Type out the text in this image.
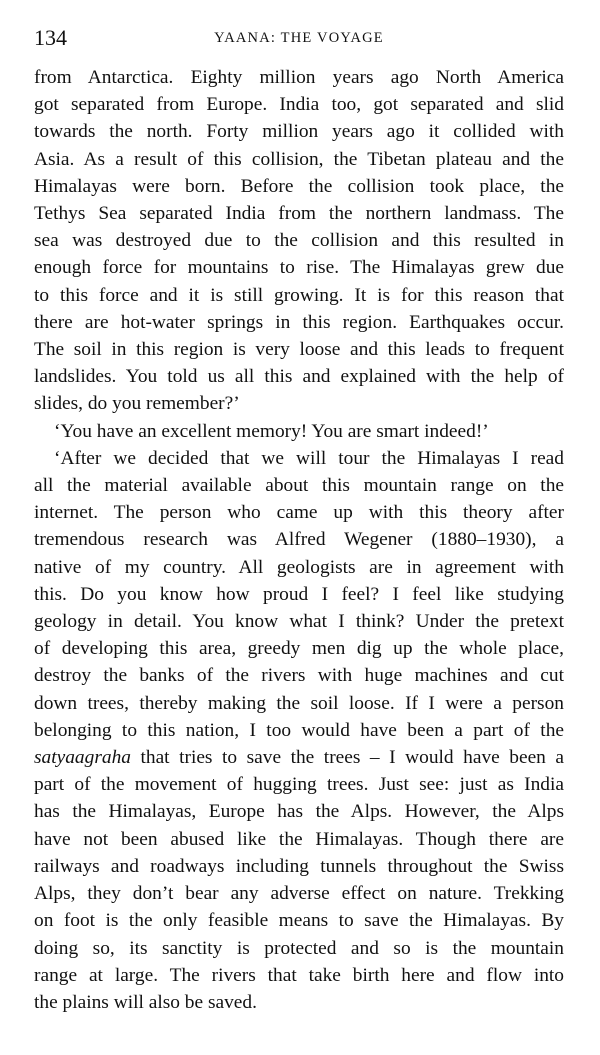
134	YAANA: THE VOYAGE

from Antarctica. Eighty million years ago North America
got separated from Europe. India too, got separated and slid
towards the north. Forty million years ago it collided with
Asia. As a result of this collision, the Tibetan plateau and the
Himalayas were born. Before the collision took place, the
Tethys Sea separated India from the northern landmass. The
sea was destroyed due to the collision and this resulted in
enough force for mountains to rise. The Himalayas grew due
to this force and it is still growing. It is for this reason that
there are hot-water springs in this region. Earthquakes occur.
The soil in this region is very loose and this leads to frequent
landslides. You told us all this and explained with the help of
slides, do you remember?’

‘You have an excellent memory! You are smart indeed!’

‘After we decided that we will tour the Himalayas I read
all the material available about this mountain range on the
internet. The person who came up with this theory after
tremendous research was Alfred Wegener (1880–1930), a
native of my country. All geologists are in agreement with
this. Do you know how proud I feel? I feel like studying
geology in detail. You know what I think? Under the pretext
of developing this area, greedy men dig up the whole place,
destroy the banks of the rivers with huge machines and cut
down trees, thereby making the soil loose. If I were a person
belonging to this nation, I too would have been a part of the
satyaagraha that tries to save the trees – I would have been a
part of the movement of hugging trees. Just see: just as India
has the Himalayas, Europe has the Alps. However, the Alps
have not been abused like the Himalayas. Though there are
railways and roadways including tunnels throughout the Swiss
Alps, they don’t bear any adverse effect on nature. Trekking
on foot is the only feasible means to save the Himalayas. By
doing so, its sanctity is protected and so is the mountain
range at large. The rivers that take birth here and flow into
the plains will also be saved.
